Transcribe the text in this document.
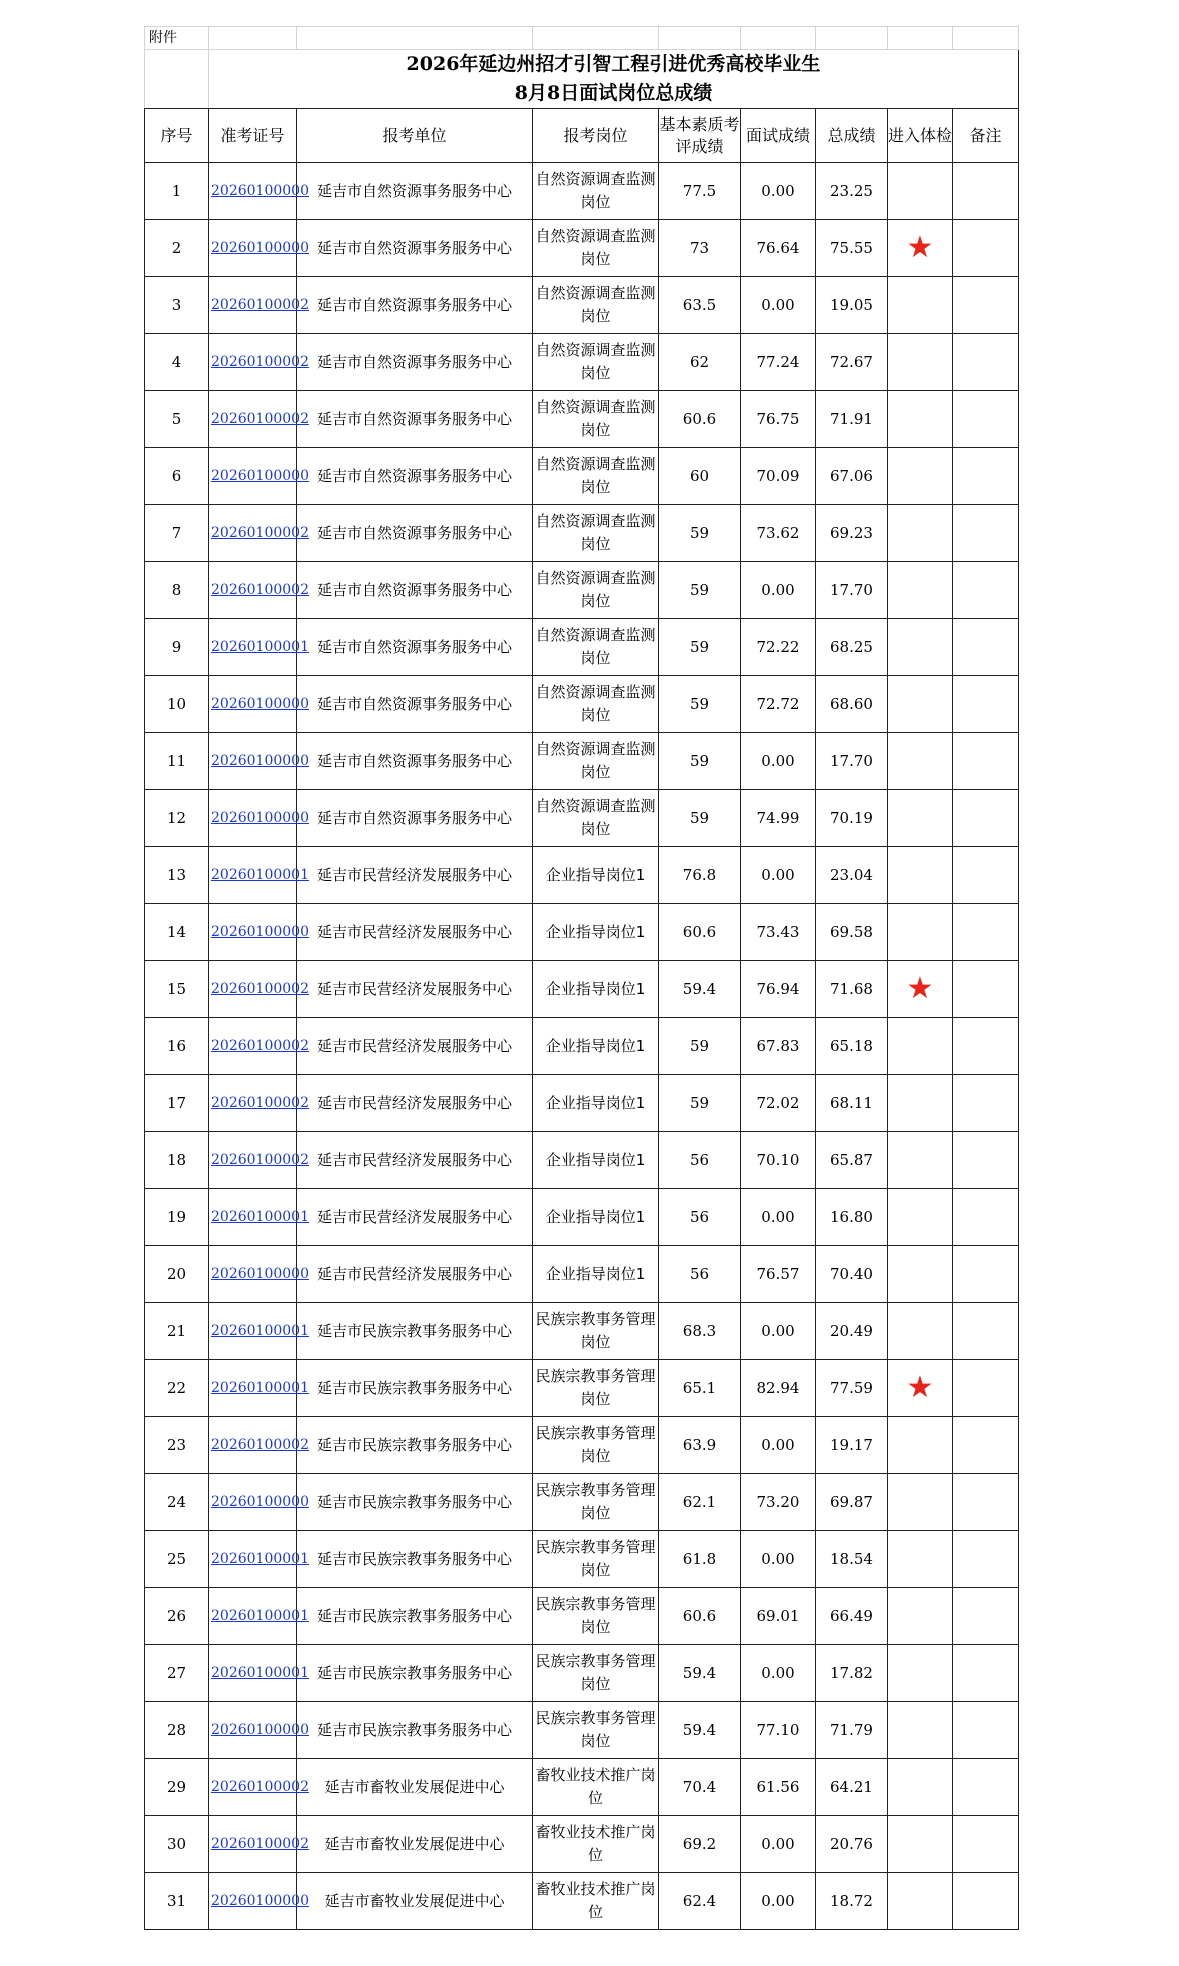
附件								

	2026年延边州招才引智工程引进优秀高校毕业生
8月8日面试岗位总成绩							

序号	准考证号	报考单位	报考岗位	基本素质考评成绩	面试成绩	总成绩	进入体检	备注
1	20260100000	延吉市自然资源事务服务中心	自然资源调查监测岗位	77.5	0.00	23.25		
2	20260100000	延吉市自然资源事务服务中心	自然资源调查监测岗位	73	76.64	75.55	★	
3	20260100002	延吉市自然资源事务服务中心	自然资源调查监测岗位	63.5	0.00	19.05		
4	20260100002	延吉市自然资源事务服务中心	自然资源调查监测岗位	62	77.24	72.67		
5	20260100002	延吉市自然资源事务服务中心	自然资源调查监测岗位	60.6	76.75	71.91		
6	20260100000	延吉市自然资源事务服务中心	自然资源调查监测岗位	60	70.09	67.06		
7	20260100002	延吉市自然资源事务服务中心	自然资源调查监测岗位	59	73.62	69.23		
8	20260100002	延吉市自然资源事务服务中心	自然资源调查监测岗位	59	0.00	17.70		
9	20260100001	延吉市自然资源事务服务中心	自然资源调查监测岗位	59	72.22	68.25		
10	20260100000	延吉市自然资源事务服务中心	自然资源调查监测岗位	59	72.72	68.60		
11	20260100000	延吉市自然资源事务服务中心	自然资源调查监测岗位	59	0.00	17.70		
12	20260100000	延吉市自然资源事务服务中心	自然资源调查监测岗位	59	74.99	70.19		
13	20260100001	延吉市民营经济发展服务中心	企业指导岗位1	76.8	0.00	23.04		
14	20260100000	延吉市民营经济发展服务中心	企业指导岗位1	60.6	73.43	69.58		
15	20260100002	延吉市民营经济发展服务中心	企业指导岗位1	59.4	76.94	71.68	★	
16	20260100002	延吉市民营经济发展服务中心	企业指导岗位1	59	67.83	65.18		
17	20260100002	延吉市民营经济发展服务中心	企业指导岗位1	59	72.02	68.11		
18	20260100002	延吉市民营经济发展服务中心	企业指导岗位1	56	70.10	65.87		
19	20260100001	延吉市民营经济发展服务中心	企业指导岗位1	56	0.00	16.80		
20	20260100000	延吉市民营经济发展服务中心	企业指导岗位1	56	76.57	70.40		
21	20260100001	延吉市民族宗教事务服务中心	民族宗教事务管理岗位	68.3	0.00	20.49		
22	20260100001	延吉市民族宗教事务服务中心	民族宗教事务管理岗位	65.1	82.94	77.59	★	
23	20260100002	延吉市民族宗教事务服务中心	民族宗教事务管理岗位	63.9	0.00	19.17		
24	20260100000	延吉市民族宗教事务服务中心	民族宗教事务管理岗位	62.1	73.20	69.87		
25	20260100001	延吉市民族宗教事务服务中心	民族宗教事务管理岗位	61.8	0.00	18.54		
26	20260100001	延吉市民族宗教事务服务中心	民族宗教事务管理岗位	60.6	69.01	66.49		
27	20260100001	延吉市民族宗教事务服务中心	民族宗教事务管理岗位	59.4	0.00	17.82		
28	20260100000	延吉市民族宗教事务服务中心	民族宗教事务管理岗位	59.4	77.10	71.79		
29	20260100002	延吉市畜牧业发展促进中心	畜牧业技术推广岗位	70.4	61.56	64.21		
30	20260100002	延吉市畜牧业发展促进中心	畜牧业技术推广岗位	69.2	0.00	20.76		
31	20260100000	延吉市畜牧业发展促进中心	畜牧业技术推广岗位	62.4	0.00	18.72		
